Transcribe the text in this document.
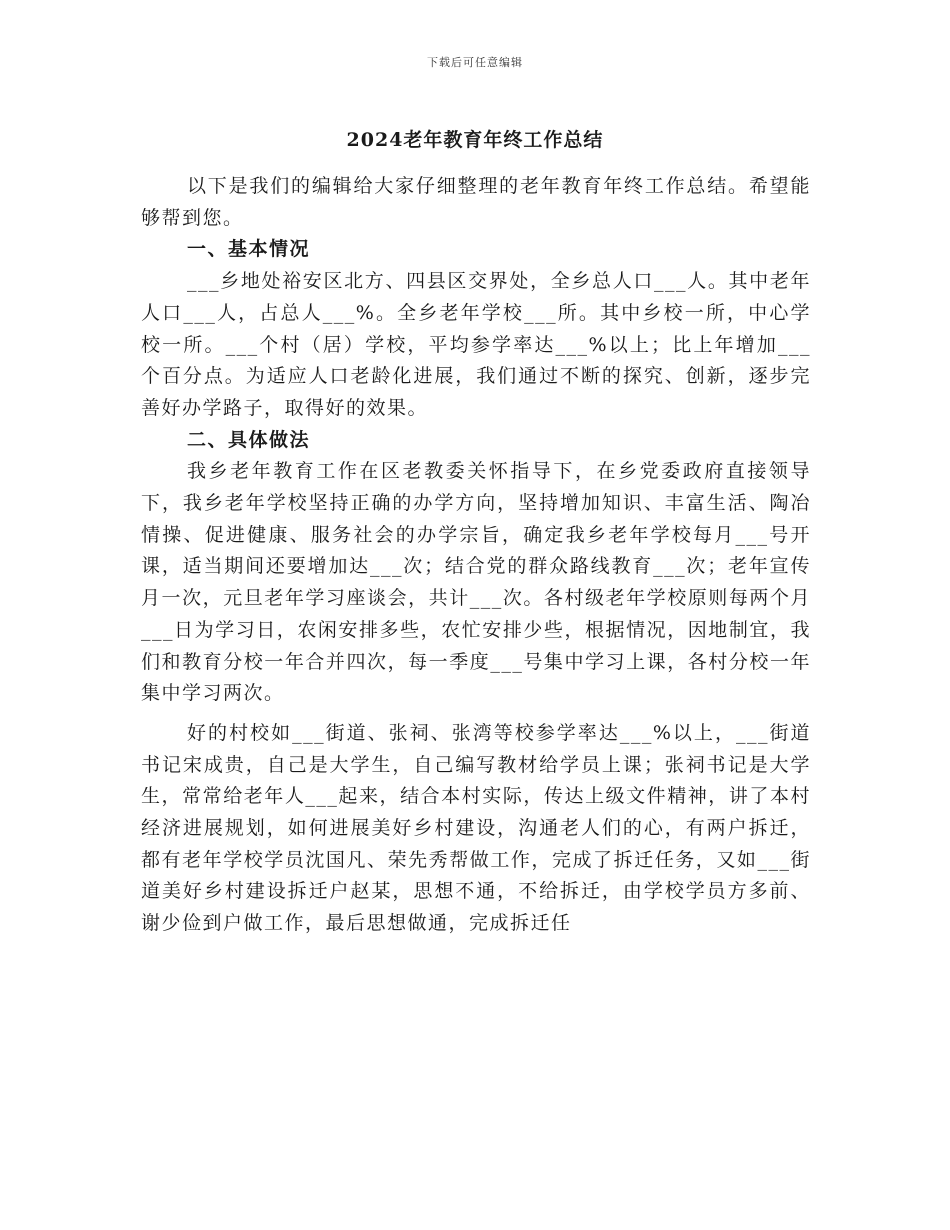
下载后可任意编辑
2024老年教育年终工作总结

以下是我们的编辑给大家仔细整理的老年教育年终工作总结。希望能够帮到您。

一、基本情况

___乡地处裕安区北方、四县区交界处，全乡总人口___人。其中老年人口___人，占总人___%。全乡老年学校___所。其中乡校一所，中心学校一所。___个村（居）学校，平均参学率达___%以上；比上年增加___个百分点。为适应人口老龄化进展，我们通过不断的探究、创新，逐步完善好办学路子，取得好的效果。

二、具体做法

我乡老年教育工作在区老教委关怀指导下，在乡党委政府直接领导下，我乡老年学校坚持正确的办学方向，坚持增加知识、丰富生活、陶冶情操、促进健康、服务社会的办学宗旨，确定我乡老年学校每月___号开课，适当期间还要增加达___次；结合党的群众路线教育___次；老年宣传月一次，元旦老年学习座谈会，共计___次。各村级老年学校原则每两个月___日为学习日，农闲安排多些，农忙安排少些，根据情况，因地制宜，我们和教育分校一年合并四次，每一季度___号集中学习上课，各村分校一年集中学习两次。

好的村校如___街道、张祠、张湾等校参学率达___%以上，___街道书记宋成贵，自己是大学生，自己编写教材给学员上课；张祠书记是大学生，常常给老年人___起来，结合本村实际，传达上级文件精神，讲了本村经济进展规划，如何进展美好乡村建设，沟通老人们的心，有两户拆迁，都有老年学校学员沈国凡、荣先秀帮做工作，完成了拆迁任务，又如___街道美好乡村建设拆迁户赵某，思想不通，不给拆迁，由学校学员方多前、谢少俭到户做工作，最后思想做通，完成拆迁任
